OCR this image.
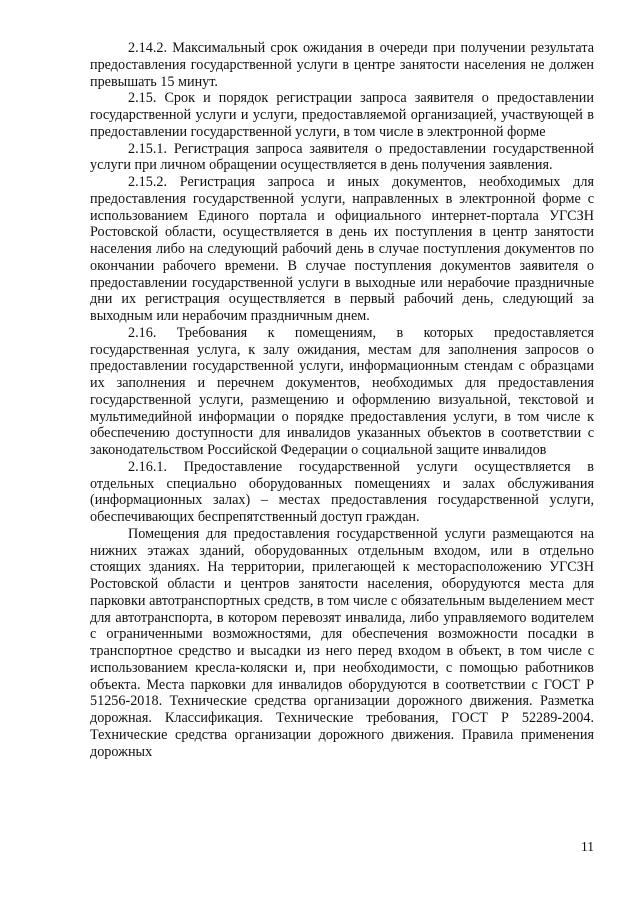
2.14.2. Максимальный срок ожидания в очереди при получении результата предоставления государственной услуги в центре занятости населения не должен превышать 15 минут.

2.15. Срок и порядок регистрации запроса заявителя о предоставлении государственной услуги и услуги, предоставляемой организацией, участвующей в предоставлении государственной услуги, в том числе в электронной форме

2.15.1. Регистрация запроса заявителя о предоставлении государственной услуги при личном обращении осуществляется в день получения заявления.

2.15.2. Регистрация запроса и иных документов, необходимых для предоставления государственной услуги, направленных в электронной форме с использованием Единого портала и официального интернет-портала УГСЗН Ростовской области, осуществляется в день их поступления в центр занятости населения либо на следующий рабочий день в случае поступления документов по окончании рабочего времени. В случае поступления документов заявителя о предоставлении государственной услуги в выходные или нерабочие праздничные дни их регистрация осуществляется в первый рабочий день, следующий за выходным или нерабочим праздничным днем.

2.16. Требования к помещениям, в которых предоставляется государственная услуга, к залу ожидания, местам для заполнения запросов о предоставлении государственной услуги, информационным стендам с образцами их заполнения и перечнем документов, необходимых для предоставления государственной услуги, размещению и оформлению визуальной, текстовой и мультимедийной информации о порядке предоставления услуги, в том числе к обеспечению доступности для инвалидов указанных объектов в соответствии с законодательством Российской Федерации о социальной защите инвалидов

2.16.1. Предоставление государственной услуги осуществляется в отдельных специально оборудованных помещениях и залах обслуживания (информационных залах) – местах предоставления государственной услуги, обеспечивающих беспрепятственный доступ граждан.

Помещения для предоставления государственной услуги размещаются на нижних этажах зданий, оборудованных отдельным входом, или в отдельно стоящих зданиях. На территории, прилегающей к месторасположению УГСЗН Ростовской области и центров занятости населения, оборудуются места для парковки автотранспортных средств, в том числе с обязательным выделением мест для автотранспорта, в котором перевозят инвалида, либо управляемого водителем с ограниченными возможностями, для обеспечения возможности посадки в транспортное средство и высадки из него перед входом в объект, в том числе с использованием кресла-коляски и, при необходимости, с помощью работников объекта. Места парковки для инвалидов оборудуются в соответствии с ГОСТ Р 51256-2018. Технические средства организации дорожного движения. Разметка дорожная. Классификация. Технические требования, ГОСТ Р 52289-2004. Технические средства организации дорожного движения. Правила применения дорожных

11
